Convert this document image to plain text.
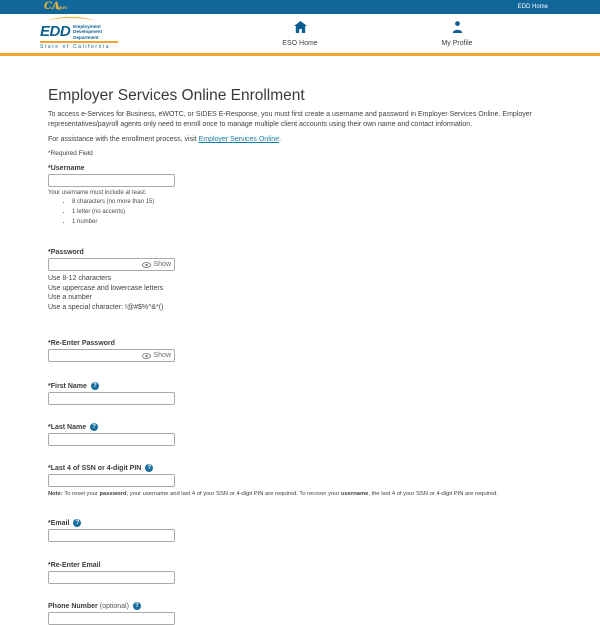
CAgov	EDD Home
EDD Employment
Development
Department
State of California	ESO Home	My Profile
Employer Services Online Enrollment

To access e-Services for Business, eWOTC, or SIDES E-Response, you must first create a username and password in Employer Services Online. Employer representatives/payroll agents only need to enroll once to manage multiple client accounts using their own name and contact information.

For assistance with the enrollment process, visit Employer Services Online.

*Required Field
*Username
Your username must include at least:
• 8 characters (no more than 15)
• 1 letter (no accents)
• 1 number
*Password
Show
Use 8-12 characters
Use uppercase and lowercase letters
Use a number
Use a special character: !@#$%^&*()
*Re-Enter Password
Show
*First Name	?
*Last Name	?
*Last 4 of SSN or 4-digit PIN	?
Note: To reset your password, your username and last 4 of your SSN or 4-digit PIN are required. To recover your username, the last 4 of your SSN or 4-digit PIN are required.
*Email	?
*Re-Enter Email
Phone Number (optional)	?
